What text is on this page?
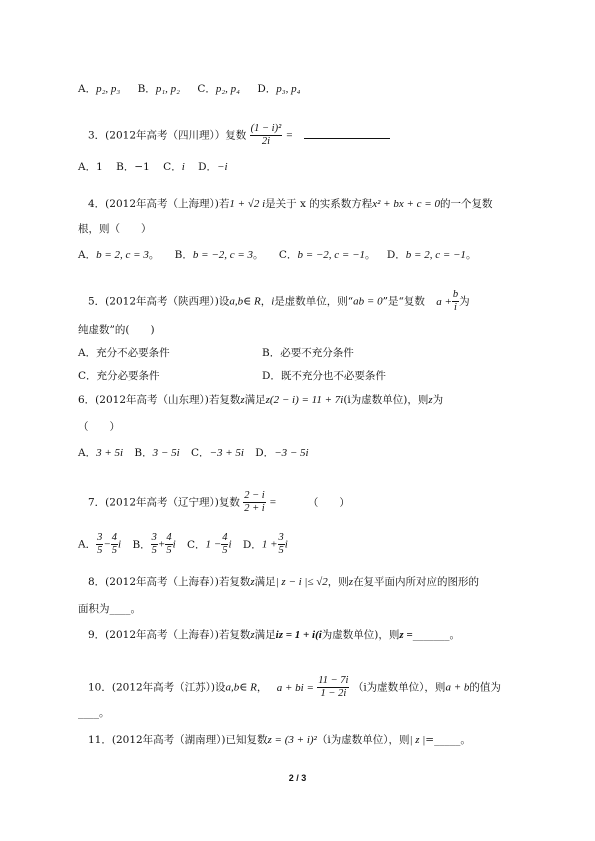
A．p₂, p₃ B．p₁, p₂ C．p₂, p₄ D．p₃, p₄
3．(2012年高考（四川理））复数 $\frac{\text{(1 − i)²}}{2i}$ =
A．1 B．−1 C．i D．−i
4．(2012年高考（上海理）)若1 + √2 i是关于 x 的实系数方程x² + bx + c = 0的一个复数
根，则（　　）
A．b = 2, c = 3。 B．b = −2, c = 3。 C．b = −2, c = −1。 D．b = 2, c = −1。
5．(2012年高考（陕西理）)设a,b∈ R，i是虚数单位，则“ab = 0”是“复数 $a + \frac{b}{i}$ 为
纯虚数”的(　　)
A．充分不必要条件	B．必要不充分条件
C．充分必要条件	D．既不充分也不必要条件
6．(2012年高考（山东理）)若复数z满足z(2 − i) = 11 + 7i(i为虚数单位)，则z为
（　　）
A．3 + 5i B．3 − 5i C．−3 + 5i D．−3 − 5i
7．(2012年高考（辽宁理）)复数 $\frac{2 - i}{2 + i}$ =	（　　）
A． $\frac{3}{5} - \frac{4}{5}$ i B． $\frac{3}{5} + \frac{4}{5}$ i C．$1 - \frac{4}{5}$ i D．$1 + \frac{3}{5}$ i
8．(2012年高考（上海春）)若复数z满足| z − i |≤ √2，则z在复平面内所对应的图形的
面积为____。
9．(2012年高考（上海春）)若复数z满足iz = 1 + i(i为虚数单位)，则z =_______。
10．(2012年高考（江苏）)设a,b∈ R， a + bi = $\frac{11 - 7i}{1 - 2i} (i$为虚数单位），则a + b的值为
____。
11．(2012年高考（湖南理）)已知复数z = (3 + i)²（i为虚数单位），则| z |=_____。
2 / 3
